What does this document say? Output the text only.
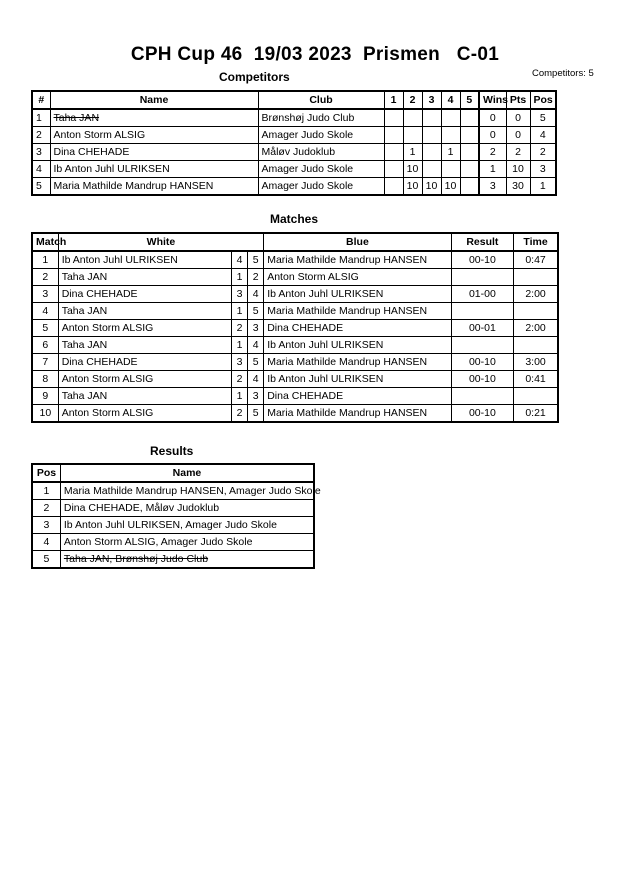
CPH Cup 46  19/03 2023  Prismen   C-01
Competitors	Competitors: 5
#	Name	Club	1	2	3	4	5	Wins	Pts	Pos
1	Taha JAN	Brønshøj Judo Club						0	0	5
2	Anton Storm ALSIG	Amager Judo Skole						0	0	4
3	Dina CHEHADE	Måløv Judoklub		1		1		2	2	2
4	Ib Anton Juhl ULRIKSEN	Amager Judo Skole		10				1	10	3
5	Maria Mathilde Mandrup HANSEN	Amager Judo Skole		10	10	10		3	30	1
Matches
Match	White			Blue	Result	Time
1	Ib Anton Juhl ULRIKSEN	4	5	Maria Mathilde Mandrup HANSEN	00-10	0:47
2	Taha JAN	1	2	Anton Storm ALSIG		
3	Dina CHEHADE	3	4	Ib Anton Juhl ULRIKSEN	01-00	2:00
4	Taha JAN	1	5	Maria Mathilde Mandrup HANSEN		
5	Anton Storm ALSIG	2	3	Dina CHEHADE	00-01	2:00
6	Taha JAN	1	4	Ib Anton Juhl ULRIKSEN		
7	Dina CHEHADE	3	5	Maria Mathilde Mandrup HANSEN	00-10	3:00
8	Anton Storm ALSIG	2	4	Ib Anton Juhl ULRIKSEN	00-10	0:41
9	Taha JAN	1	3	Dina CHEHADE		
10	Anton Storm ALSIG	2	5	Maria Mathilde Mandrup HANSEN	00-10	0:21
Results
Pos	Name
1	Maria Mathilde Mandrup HANSEN, Amager Judo Skole
2	Dina CHEHADE, Måløv Judoklub
3	Ib Anton Juhl ULRIKSEN, Amager Judo Skole
4	Anton Storm ALSIG, Amager Judo Skole
5	Taha JAN, Brønshøj Judo Club
